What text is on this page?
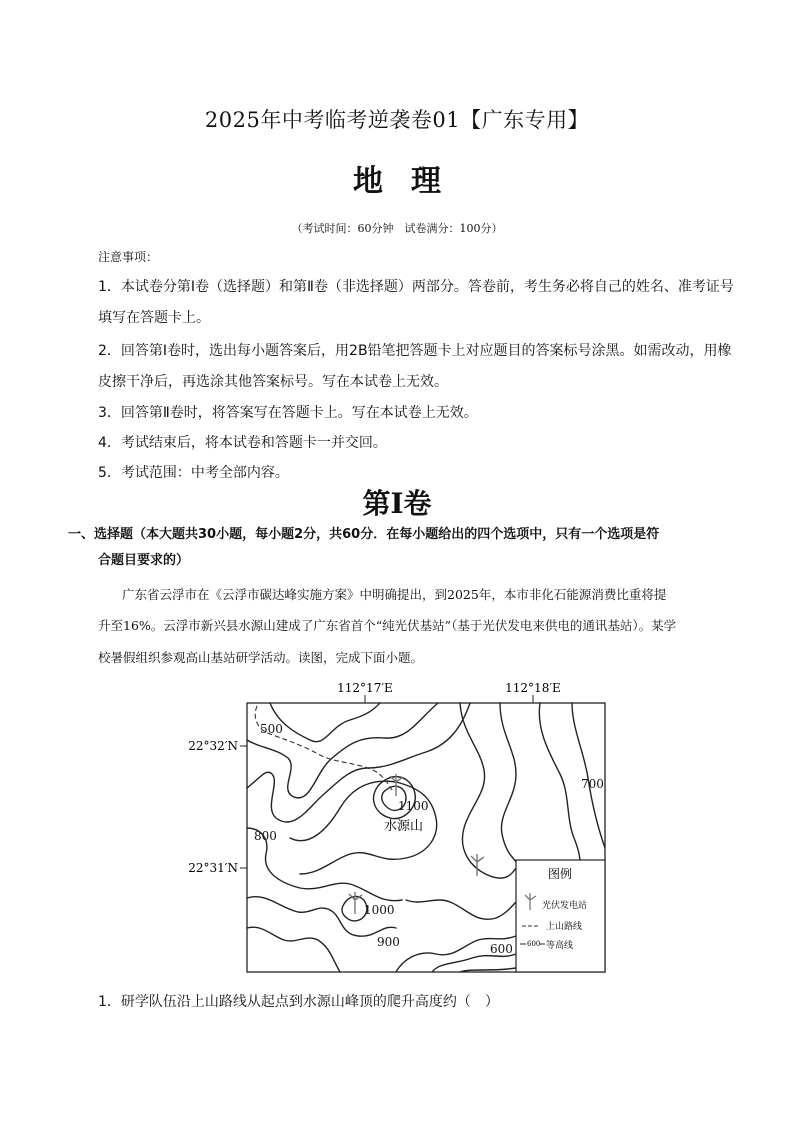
2025年中考临考逆袭卷01【广东专用】
地理
（考试时间：60分钟　试卷满分：100分）
注意事项：
1．本试卷分第Ⅰ卷（选择题）和第Ⅱ卷（非选择题）两部分。答卷前，考生务必将自己的姓名、准考证号
填写在答题卡上。
2．回答第Ⅰ卷时，选出每小题答案后，用2B铅笔把答题卡上对应题目的答案标号涂黑。如需改动，用橡
皮擦干净后，再选涂其他答案标号。写在本试卷上无效。
3．回答第Ⅱ卷时，将答案写在答题卡上。写在本试卷上无效。
4．考试结束后，将本试卷和答题卡一并交回。
5．考试范围：中考全部内容。
第Ⅰ卷
一、选择题（本大题共30小题，每小题2分，共60分．在每小题给出的四个选项中，只有一个选项是符
合题目要求的）
广东省云浮市在《云浮市碳达峰实施方案》中明确提出，到2025年，本市非化石能源消费比重将提
升至16%。云浮市新兴县水源山建成了广东省首个“纯光伏基站”（基于光伏发电来供电的通讯基站）。某学
校暑假组织参观高山基站研学活动。读图，完成下面小题。
112°17′E	112°18′E
22°32′N
22°31′N
500
1100
800
700
1000
900	600
水源山
图例
光伏发电站
上山路线
600 等高线
1．研学队伍沿上山路线从起点到水源山峰顶的爬升高度约（　）
